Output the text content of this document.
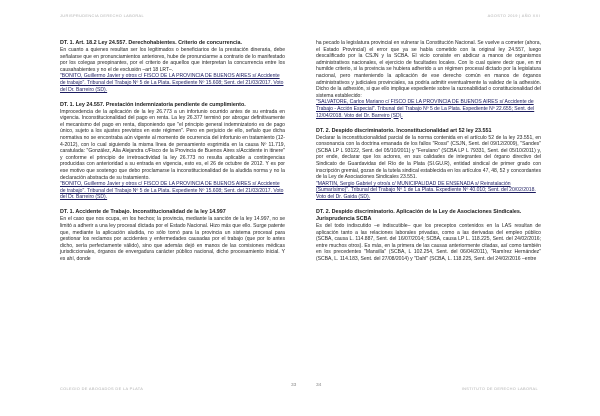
JURISPRUDENCIA DERECHO LABORAL	AGOSTO 2019 | AÑO XXI

DT. 1. Art. 18.2 Ley 24.557. Derechohabientes. Criterio de concurrencia.

En cuanto a quienes resultan ser los legitimados o beneficiarios de la prestación dineraria, debe señalarse que en pronunciamientos anteriores, hube de pronunciarme a contrario de lo manifestado por los colegas preopinantes, por el criterio de aquellos que interpretan la concurrencia entre los causahabientes y no el de exclusión –art 18 LRT–.

"BONITO, Guillermo Javier y otros c/ FISCO DE LA PROVINCIA DE BUENOS AIRES s/ Accidente de trabajo". Tribunal del Trabajo Nº 5 de La Plata. Expediente Nº 15.608; Sent. del 21/03/2017. Voto del Dr. Barreiro (SD).

DT. 1. Ley 24.557. Prestación indemnizatoria pendiente de cumplimiento.

Improcedencia de la aplicación de la ley 26.773 a un infortunio ocurrido antes de su entrada en vigencia. Inconstitucionalidad del pago en renta. La ley 26.377 terminó por abrogar definitivamente el mecanismo del pago en renta, disponiendo que "el principio general indemnizatorio es de pago único, sujeto a los ajustes previstos en este régimen". Pero en perjuicio de ello, señalo que dicha normativa no se encontraba aún vigente al momento de ocurrencia del infortunio en tratamiento (12-4-2012), con lo cual siguiendo la misma línea de pensamiento esgrimida en la causa Nº 11.719, caratulada: "González, Alia Alejandra c/Fisco de la Provincia de Buenos Aires s/Accidente in itinere" y conforme el principio de irretroactividad la ley 26.773 no resulta aplicable a contingencias producidas con anterioridad a su entrada en vigencia, esto es, el 26 de octubre de 2012. Y es por ese motivo que sostengo que debo proclamarse la inconstitucionalidad de la aludida norma y no la declaración abstracta de su tratamiento.

"BONITO, Guillermo Javier y otros c/ FISCO DE LA PROVINCIA DE BUENOS AIRES s/ Accidente de trabajo". Tribunal del Trabajo Nº 5 de La Plata. Expediente Nº 15.608; Sent. del 21/03/2017. Voto del Dr. Barreiro (SD).

DT. 1. Accidente de Trabajo. Inconstitucionalidad de la ley 14.997

En el caso que nos ocupa, en los hechos; la provincia, mediante la sanción de la ley 14.997, no se limitó a adherir a una ley procesal dictada por el Estado Nacional. Hizo más que ello. Surge patente que, mediante la aplicación aludida, no sólo tornó para la provincia un sistema procesal para gestionar los reclamos por accidentes y enfermedades causadas por el trabajo (que por lo antes dicho, sería perfectamente válido), sino que además dejó en manos de las comisiones médicas jurisdiccionales, órganos de envergadura carácter público nacional, dicho procesamiento inicial. Y es ahí, donde

ha pecado la legislatura provincial en vulnerar la Constitución Nacional. Se vuelve a cometer (ahora, el Estado Provincial) el error que ya se había cometido con la original ley 24.557, luego descalificado por la CSJN y la SCBA. El vicio consiste en abdicar a manos de organismos administrativos nacionales, el ejercicio de facultades locales. Con lo cual quiere decir que, en mi humilde criterio, si la provincia se hubiera adherido a un régimen procesal dictado por la legislatura nacional, pero manteniendo la aplicación de ese derecho común en manos de órganos administrativos y judiciales provinciales, sa podría admitir eventualmente la validez de la adhesión. Dicho de la adhesión, si que ello implique expediente sobre la razonabilidad o constitucionalidad del sistema establecido:

"SALVATORE, Carlos Mariano c/ FISCO DE LA PROVINCIA DE BUENOS AIRES s/ Accidente de Trabajo - Acción Especial". Tribunal del Trabajo Nº 5 de La Plata. Expediente Nº 22.655; Sent. del 12/04/2018. Voto del Dr. Barreiro (SD).

DT. 2. Despido discriminatorio. Inconstitucionalidad art 52 ley 23.551

Declarar la inconstitucionalidad parcial de la norma contenida en el artículo 52 de la ley 23.551, en consonancia con la doctrina emanada de los fallos "Rossi" (CSJN, Sent. del 09/12/2009), "Sandes" (SCBA LP L 93122, Sent. del 05/10/2011) y "Ferulano" (SCBA LP L 79331, Sent. del 05/10/2011) y, por ende, declarar que los actores, en sus calidades de integrantes del órgano directivo del Sindicato de Guardavidas del Río de la Plata (SI.GU.R), entidad sindical de primer grado con inscripción gremial, gozan de la tutela sindical establecida en los artículos 47, 48, 52 y concordantes de la Ley de Asociaciones Sindicales 23.551.

"MARTIN, Sergio Gabriel y otro/a c/ MUNICIPALIDAD DE ENSENADA s/ Reinstalación (Sumarísimo)". Tribunal del Trabajo Nº 1 de La Plata. Expediente Nº 40.010; Sent. del 20/02/2018. Voto del Dr. Gaida (SD).

DT. 2. Despido discriminatorio. Aplicación de la Ley de Asociaciones Sindicales. Jurisprudencia SCBA

Es del todo indiscutido –e indiscutible– que los preceptos contenidos en la LAS resultan de aplicación tanto a las relaciones laborales privadas, como a las derivadas del empleo público (SCBA, causa L. 114.887, Sent. del 16/07/2014; SCBA, causa LP L. 118.225, Sent. del 24/02/2016; entre muchos otros). Es más, en la primera de las causas anteriormente citadas, así como también en los precedentes "Mansilla" (SCBA, L 102.254, Sent. del 06/04/2011), "Ramírez Hernández" (SCBA, L. 114.183, Sent. del 27/08/2014) y "Dahl" (SCBA, L. 118.225, Sent. del 24/02/2016 –entre

33	34
COLEGIO DE ABOGADOS DE LA PLATA	INSTITUTO DE DERECHO LABORAL
